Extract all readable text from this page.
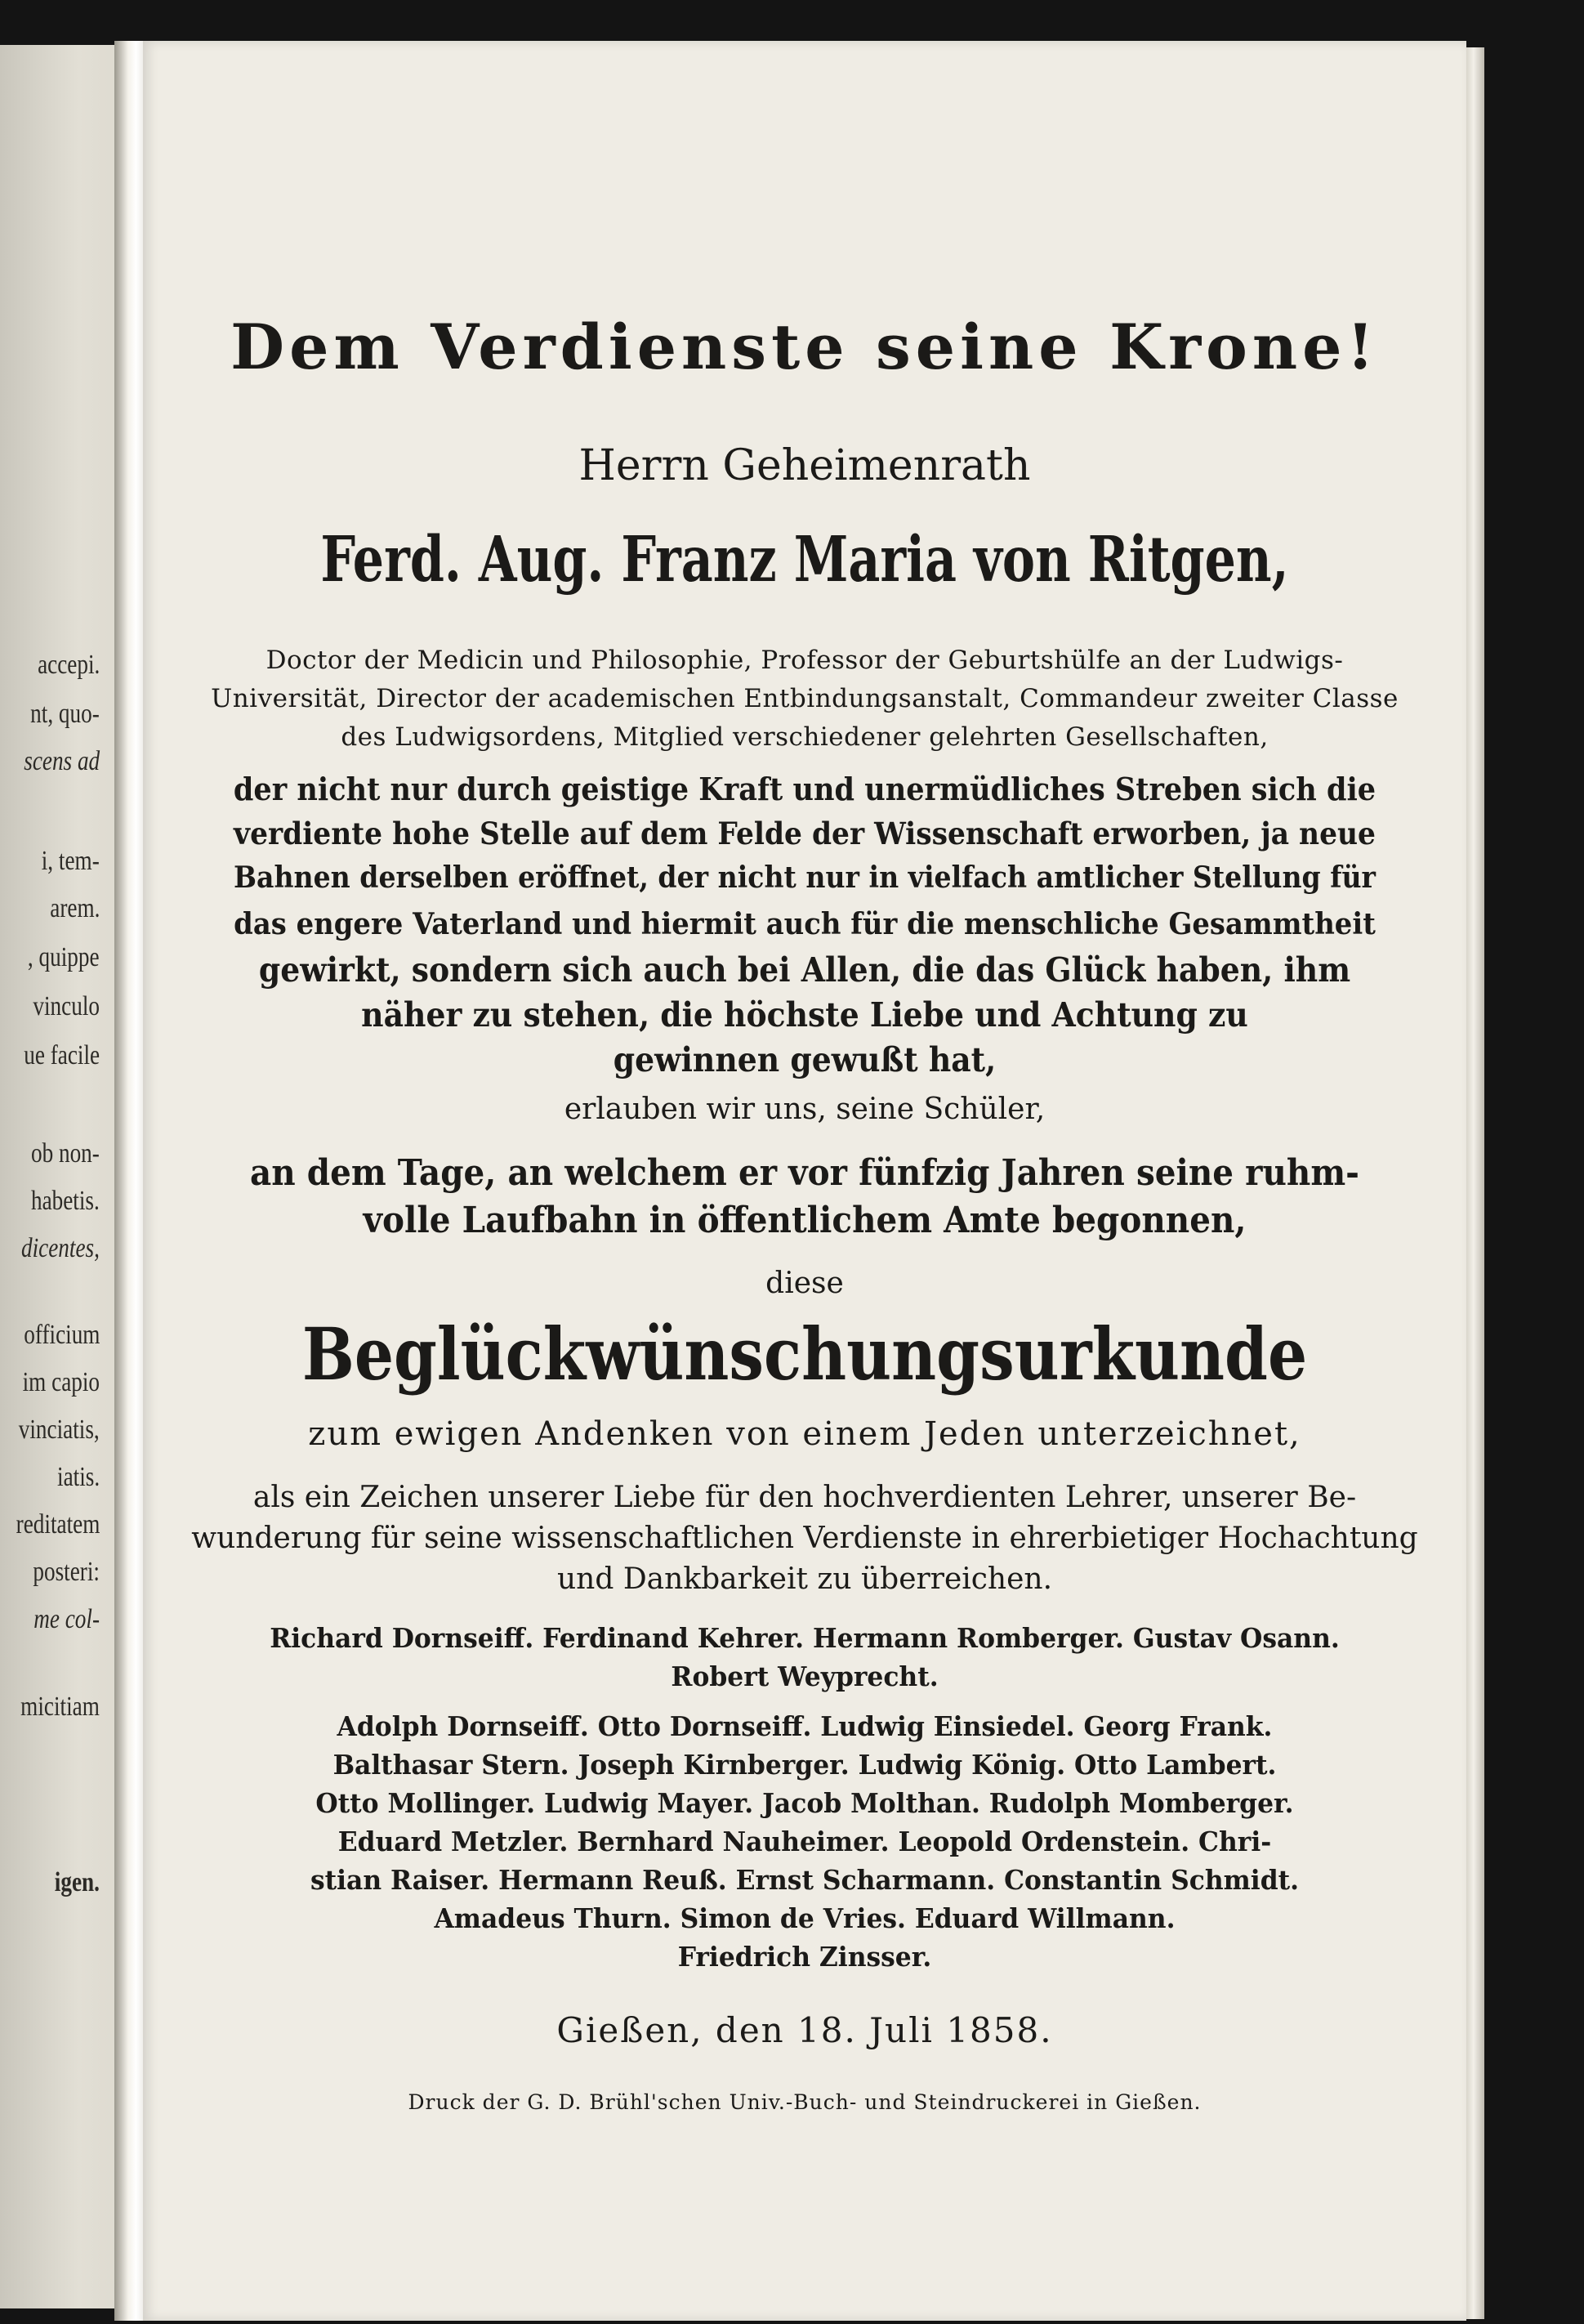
accepi.
nt, quo-
scens ad
i, tem-
arem.
, quippe
vinculo
ue facile
ob non-
habetis.
dicentes,
officium
im capio
vinciatis,
iatis.
reditatem
posteri:
me col-
micitiam
igen.
Dem Verdienste seine Krone!
Herrn Geheimenrath
Ferd. Aug. Franz Maria von Ritgen,
Doctor der Medicin und Philosophie, Professor der Geburtshülfe an der Ludwigs-
Universität, Director der academischen Entbindungsanstalt, Commandeur zweiter Classe
des Ludwigsordens, Mitglied verschiedener gelehrten Gesellschaften,
der nicht nur durch geistige Kraft und unermüdliches Streben sich die
verdiente hohe Stelle auf dem Felde der Wissenschaft erworben, ja neue
Bahnen derselben eröffnet, der nicht nur in vielfach amtlicher Stellung für
das engere Vaterland und hiermit auch für die menschliche Gesammtheit
gewirkt, sondern sich auch bei Allen, die das Glück haben, ihm
näher zu stehen, die höchste Liebe und Achtung zu
gewinnen gewußt hat,
erlauben wir uns, seine Schüler,
an dem Tage, an welchem er vor fünfzig Jahren seine ruhm-
volle Laufbahn in öffentlichem Amte begonnen,
diese
Beglückwünschungsurkunde
zum ewigen Andenken von einem Jeden unterzeichnet,
als ein Zeichen unserer Liebe für den hochverdienten Lehrer, unserer Be-
wunderung für seine wissenschaftlichen Verdienste in ehrerbietiger Hochachtung
und Dankbarkeit zu überreichen.
Richard Dornseiff. Ferdinand Kehrer. Hermann Romberger. Gustav Osann.
Robert Weyprecht.
Adolph Dornseiff. Otto Dornseiff. Ludwig Einsiedel. Georg Frank.
Balthasar Stern. Joseph Kirnberger. Ludwig König. Otto Lambert.
Otto Mollinger. Ludwig Mayer. Jacob Molthan. Rudolph Momberger.
Eduard Metzler. Bernhard Nauheimer. Leopold Ordenstein. Chri-
stian Raiser. Hermann Reuß. Ernst Scharmann. Constantin Schmidt.
Amadeus Thurn. Simon de Vries. Eduard Willmann.
Friedrich Zinsser.
Gießen, den 18. Juli 1858.
Druck der G. D. Brühl'schen Univ.-Buch- und Steindruckerei in Gießen.
